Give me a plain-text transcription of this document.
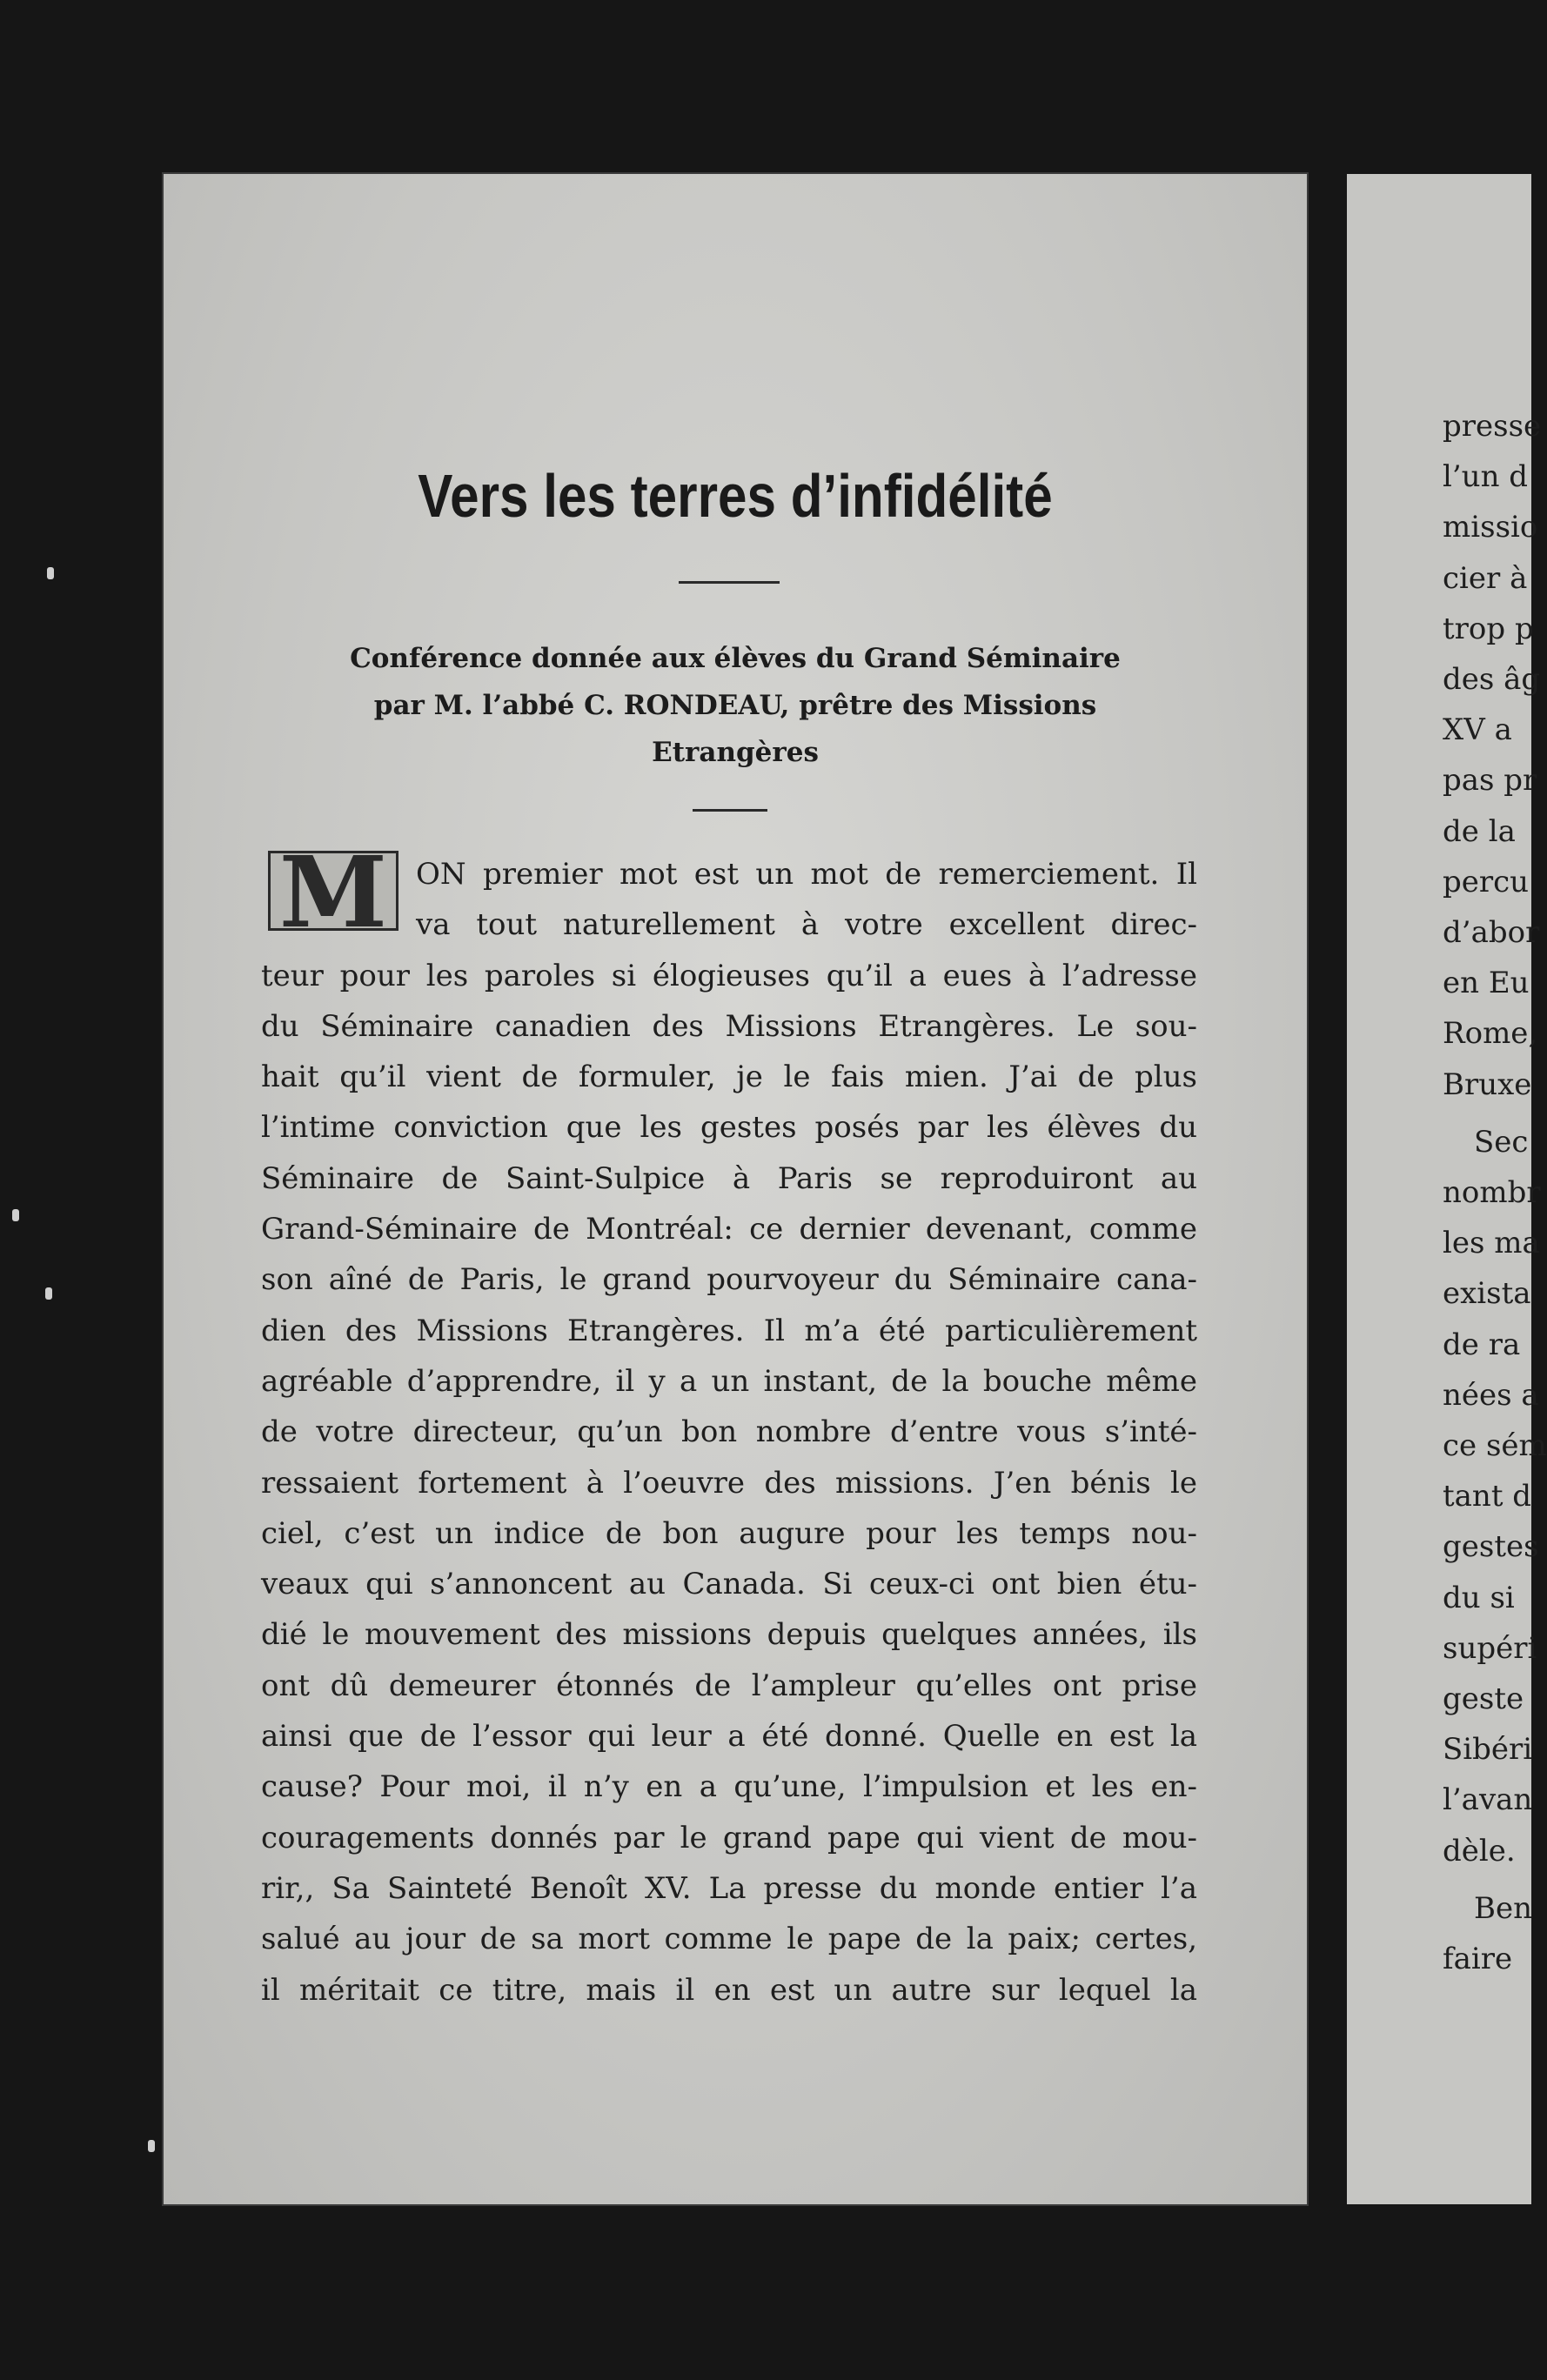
Vers les terres d’infidélité
Conférence donnée aux élèves du Grand Séminaire
par M. l’abbé C. RONDEAU, prêtre des Missions
Etrangères
M ON premier mot est un mot de remerciement. Il
va tout naturellement à votre excellent direc-
teur pour les paroles si élogieuses qu’il a eues à l’adresse
du Séminaire canadien des Missions Etrangères. Le sou-
hait qu’il vient de formuler, je le fais mien. J’ai de plus
l’intime conviction que les gestes posés par les élèves du
Séminaire de Saint-Sulpice à Paris se reproduiront au
Grand-Séminaire de Montréal: ce dernier devenant, comme
son aîné de Paris, le grand pourvoyeur du Séminaire cana-
dien des Missions Etrangères. Il m’a été particulièrement
agréable d’apprendre, il y a un instant, de la bouche même
de votre directeur, qu’un bon nombre d’entre vous s’inté-
ressaient fortement à l’oeuvre des missions. J’en bénis le
ciel, c’est un indice de bon augure pour les temps nou-
veaux qui s’annoncent au Canada. Si ceux-ci ont bien étu-
dié le mouvement des missions depuis quelques années, ils
ont dû demeurer étonnés de l’ampleur qu’elles ont prise
ainsi que de l’essor qui leur a été donné. Quelle en est la
cause? Pour moi, il n’y en a qu’une, l’impulsion et les en-
couragements donnés par le grand pape qui vient de mou-
rir,, Sa Sainteté Benoît XV. La presse du monde entier l’a
salué au jour de sa mort comme le pape de la paix; certes,
il méritait ce titre, mais il en est un autre sur lequel la
presse
l’un d
missio
cier à
trop p
des âg
XV a
pas pr
de la
percu
d’abor
en Eu
Rome,
Bruxe
Sec
nombr
les ma
exista
de ra
nées a
ce sém
tant d
gestes
du si
supéri
geste
Sibéri
l’avan
dèle.
Ben
faire
